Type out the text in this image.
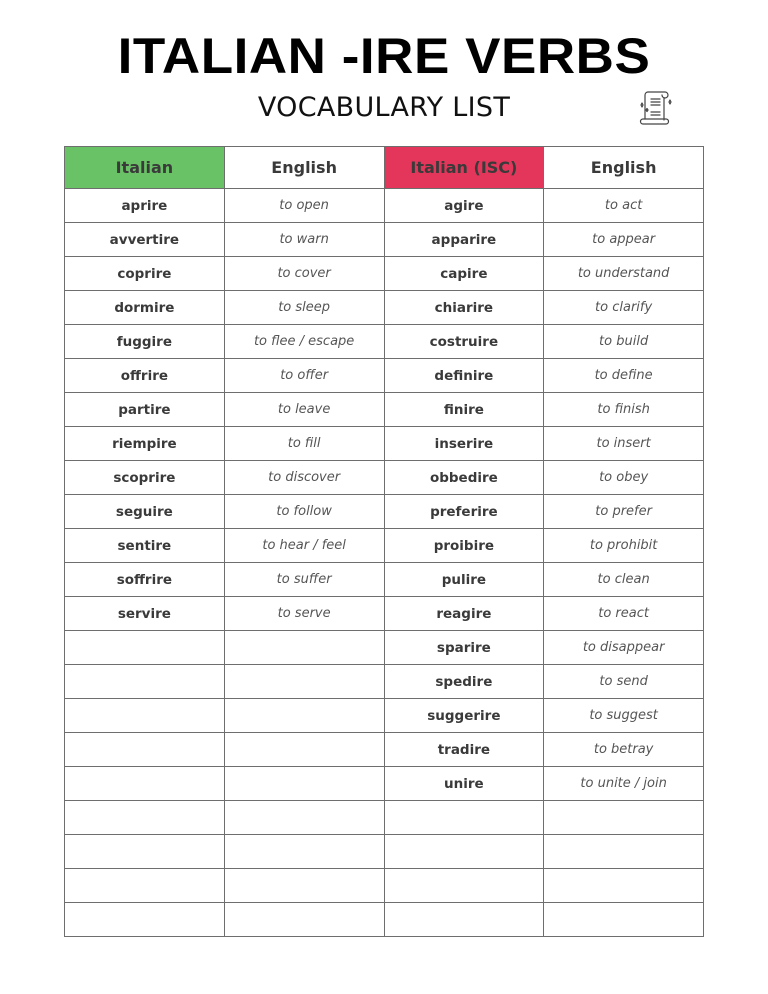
ITALIAN -IRE VERBS
VOCABULARY LIST
Italian	English	Italian (ISC)	English
aprire	to open	agire	to act
avvertire	to warn	apparire	to appear
coprire	to cover	capire	to understand
dormire	to sleep	chiarire	to clarify
fuggire	to flee / escape	costruire	to build
offrire	to offer	definire	to define
partire	to leave	finire	to finish
riempire	to fill	inserire	to insert
scoprire	to discover	obbedire	to obey
seguire	to follow	preferire	to prefer
sentire	to hear / feel	proibire	to prohibit
soffrire	to suffer	pulire	to clean
servire	to serve	reagire	to react
		sparire	to disappear
		spedire	to send
		suggerire	to suggest
		tradire	to betray
		unire	to unite / join
